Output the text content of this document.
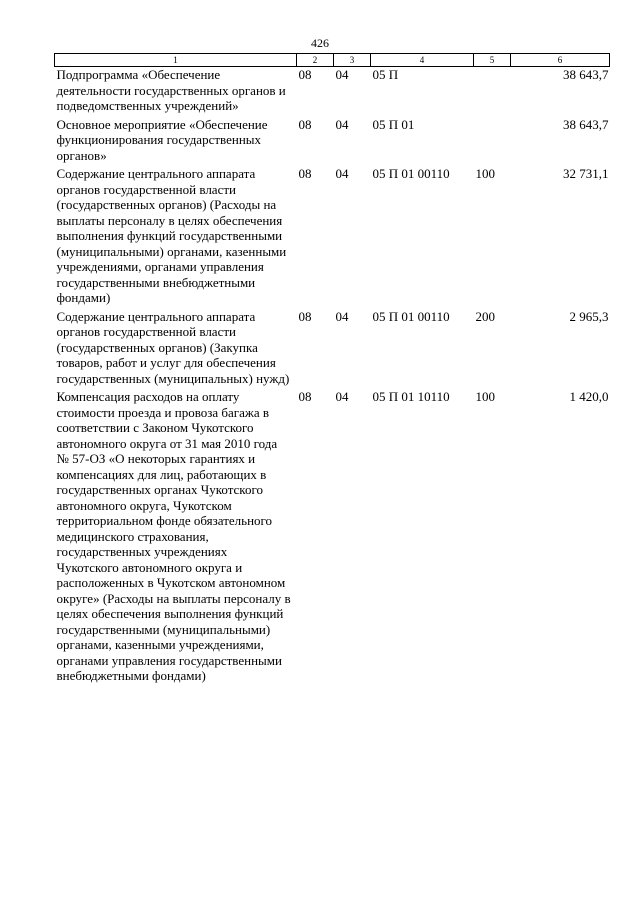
426
1	2	3	4	5	6
Подпрограмма «Обеспечение деятельности государственных органов и подведомственных учреждений»	08	04	05 П		38 643,7
Основное мероприятие «Обеспечение функционирования государственных органов»	08	04	05 П 01		38 643,7
Содержание центрального аппарата органов государственной власти (государственных органов) (Расходы на выплаты персоналу в целях обеспечения выполнения функций государственными (муниципальными) органами, казенными учреждениями, органами управления государственными внебюджетными фондами)	08	04	05 П 01 00110	100	32 731,1
Содержание центрального аппарата органов государственной власти (государственных органов) (Закупка товаров, работ и услуг для обеспечения государственных (муниципальных) нужд)	08	04	05 П 01 00110	200	2 965,3
Компенсация расходов на оплату стоимости проезда и провоза багажа в соответствии с Законом Чукотского автономного округа от 31 мая 2010 года № 57-ОЗ «О некоторых гарантиях и компенсациях для лиц, работающих в государственных органах Чукотского автономного округа, Чукотском территориальном фонде обязательного медицинского страхования, государственных учреждениях Чукотского автономного округа и расположенных в Чукотском автономном округе» (Расходы на выплаты персоналу в целях обеспечения выполнения функций государственными (муниципальными) органами, казенными учреждениями, органами управления государственными внебюджетными фондами)	08	04	05 П 01 10110	100	1 420,0
